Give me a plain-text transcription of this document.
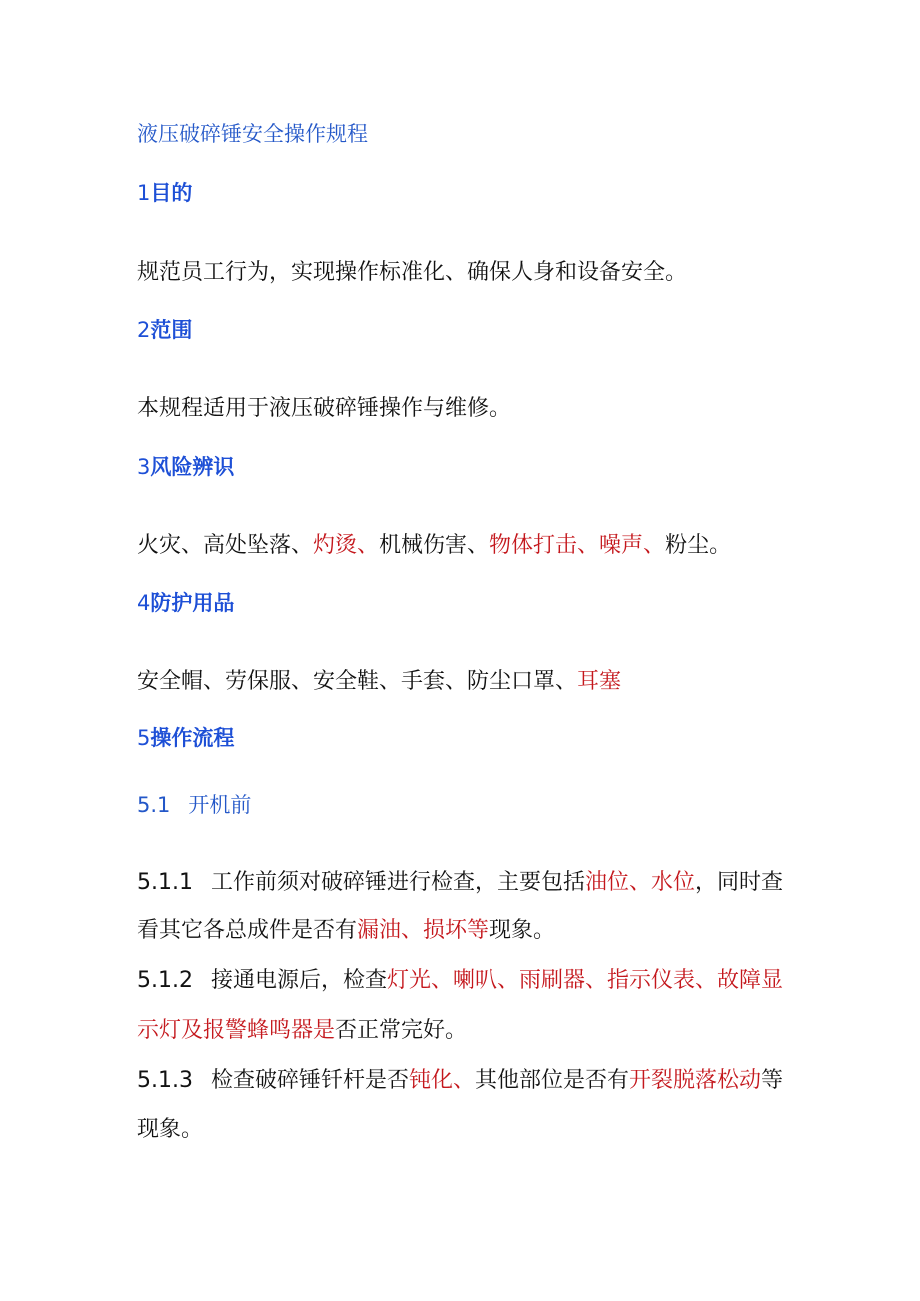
液压破碎锤安全操作规程
1目的
规范员工行为，实现操作标准化、确保人身和设备安全。
2范围
本规程适用于液压破碎锤操作与维修。
3风险辨识
火灾、高处坠落、灼烫、机械伤害、物体打击、噪声、粉尘。
4防护用品
安全帽、劳保服、安全鞋、手套、防尘口罩、耳塞
5操作流程
5.1 开机前
5.1.1 工作前须对破碎锤进行检查，主要包括油位、水位，同时查
看其它各总成件是否有漏油、损坏等现象。
5.1.2 接通电源后，检查灯光、喇叭、雨刷器、指示仪表、故障显
示灯及报警蜂鸣器是否正常完好。
5.1.3 检查破碎锤钎杆是否钝化、其他部位是否有开裂脱落松动等
现象。
